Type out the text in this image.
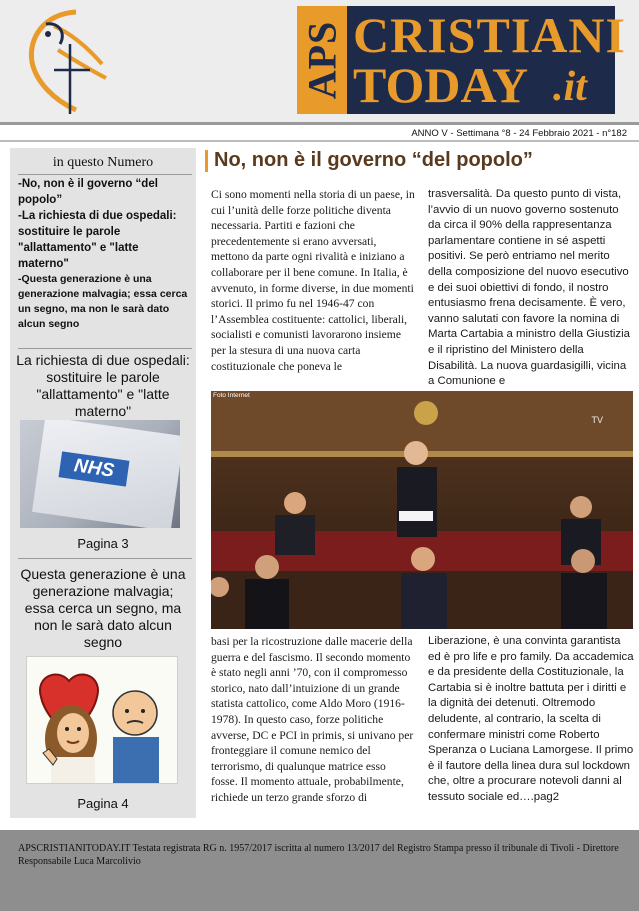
APS CRISTIANI
TODAY .it
ANNO V - Settimana °8 - 24 Febbraio 2021 - n°182
in questo Numero
-No, non è il governo “del popolo”
-La richiesta di due ospedali: sostituire le parole "allattamento" e "latte materno"
-Questa generazione è una generazione malvagia; essa cerca un segno, ma non le sarà dato alcun segno
La richiesta di due ospedali: sostituire le parole "allattamento" e "latte materno"
NHS
Pagina 3
Questa generazione è una generazione malvagia; essa cerca un segno, ma non le sarà dato alcun segno
Pagina 4
No, non è il governo “del popolo”
Ci sono momenti nella storia di un paese, in cui l’unità delle forze politiche diventa necessaria. Partiti e fazioni che precedentemente si erano avversati, mettono da parte ogni rivalità e iniziano a collaborare per il bene comune. In Italia, è avvenuto, in forme diverse, in due momenti storici. Il primo fu nel 1946-47 con l’Assemblea costituente: cattolici, liberali, socialisti e comunisti lavorarono insieme per la stesura di una nuova carta costituzionale che poneva le
trasversalità. Da questo punto di vista, l’avvio di un nuovo governo sostenuto da circa il 90% della rappresentanza parlamentare contiene in sé aspetti positivi. Se però entriamo nel merito della composizione del nuovo esecutivo e dei suoi obiettivi di fondo, il nostro entusiasmo frena decisamente. È vero, vanno salutati con favore la nomina di Marta Cartabia a ministro della Giustizia e il ripristino del Ministero della Disabilità. La nuova guardasigilli, vicina a Comunione e
Foto Internet
TV
basi per la ricostruzione dalle macerie della guerra e del fascismo. Il secondo momento è stato negli anni ’70, con il compromesso storico, nato dall’intuizione di un grande statista cattolico, come Aldo Moro (1916-1978). In questo caso, forze politiche avverse, DC e PCI in primis, si univano per fronteggiare il comune nemico del terrorismo, di qualunque matrice esso fosse. Il momento attuale, probabilmente, richiede un terzo grande sforzo di
Liberazione, è una convinta garantista ed è pro life e pro family. Da accademica e da presidente della Costituzionale, la Cartabia si è inoltre battuta per i diritti e la dignità dei detenuti. Oltremodo deludente, al contrario, la scelta di confermare ministri come Roberto Speranza o Luciana Lamorgese. Il primo è il fautore della linea dura sul lockdown che, oltre a procurare notevoli danni al tessuto sociale ed….pag2
APSCRISTIANITODAY.IT Testata registrata RG n. 1957/2017 iscritta al numero 13/2017 del Registro Stampa presso il tribunale di Tivoli - Direttore Responsabile Luca Marcolivio
